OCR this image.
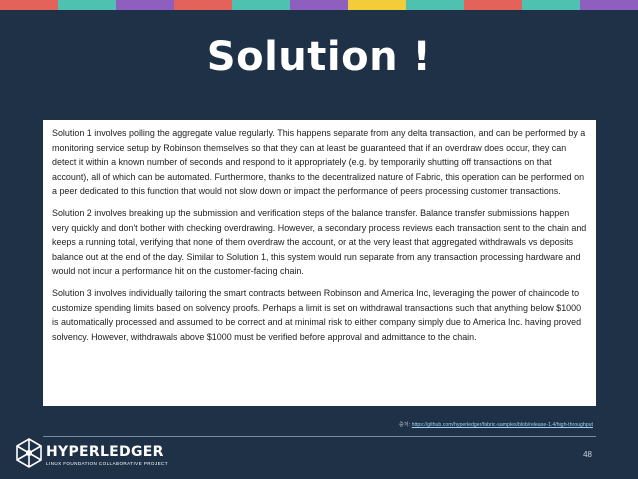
Solution !

Solution 1 involves polling the aggregate value regularly. This happens separate from any delta transaction, and can be performed by a monitoring service setup by Robinson themselves so that they can at least be guaranteed that if an overdraw does occur, they can detect it within a known number of seconds and respond to it appropriately (e.g. by temporarily shutting off transactions on that account), all of which can be automated. Furthermore, thanks to the decentralized nature of Fabric, this operation can be performed on a peer dedicated to this function that would not slow down or impact the performance of peers processing customer transactions.

Solution 2 involves breaking up the submission and verification steps of the balance transfer. Balance transfer submissions happen very quickly and don't bother with checking overdrawing. However, a secondary process reviews each transaction sent to the chain and keeps a running total, verifying that none of them overdraw the account, or at the very least that aggregated withdrawals vs deposits balance out at the end of the day. Similar to Solution 1, this system would run separate from any transaction processing hardware and would not incur a performance hit on the customer-facing chain.

Solution 3 involves individually tailoring the smart contracts between Robinson and America Inc, leveraging the power of chaincode to customize spending limits based on solvency proofs. Perhaps a limit is set on withdrawal transactions such that anything below $1000 is automatically processed and assumed to be correct and at minimal risk to either company simply due to America Inc. having proved solvency. However, withdrawals above $1000 must be verified before approval and admittance to the chain.

출처: https://github.com/hyperledger/fabric-samples/blob/release-1.4/high-throughput
HYPERLEDGER
LINUX FOUNDATION COLLABORATIVE PROJECT
48
